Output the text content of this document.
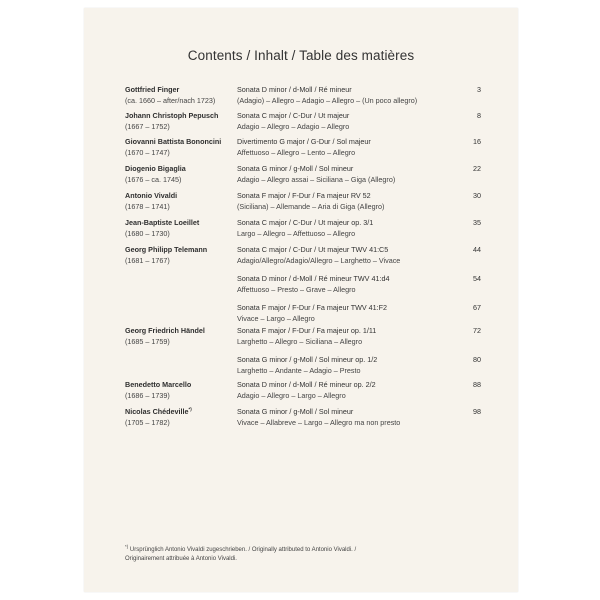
Contents / Inhalt / Table des matières
Gottfried Finger
(ca. 1660 – after/nach 1723)
Sonata D minor / d-Moll / Ré mineur
(Adagio) – Allegro – Adagio – Allegro – (Un poco allegro)
3
Johann Christoph Pepusch
(1667 – 1752)
Sonata C major / C-Dur / Ut majeur
Adagio – Allegro – Adagio – Allegro
8
Giovanni Battista Bononcini
(1670 – 1747)
Divertimento G major / G-Dur / Sol majeur
Affettuoso – Allegro – Lento – Allegro
16
Diogenio Bigaglia
(1676 – ca. 1745)
Sonata G minor / g-Moll / Sol mineur
Adagio – Allegro assai – Siciliana – Giga (Allegro)
22
Antonio Vivaldi
(1678 – 1741)
Sonata F major / F-Dur / Fa majeur RV 52
(Siciliana) – Allemande – Aria di Giga (Allegro)
30
Jean-Baptiste Loeillet
(1680 – 1730)
Sonata C major / C-Dur / Ut majeur op. 3/1
Largo – Allegro – Affettuoso – Allegro
35
Georg Philipp Telemann
(1681 – 1767)
Sonata C major / C-Dur / Ut majeur TWV 41:C5
Adagio/Allegro/Adagio/Allegro – Larghetto – Vivace
44
Sonata D minor / d-Moll / Ré mineur TWV 41:d4
Affettuoso – Presto – Grave – Allegro
54
Sonata F major / F-Dur / Fa majeur TWV 41:F2
Vivace – Largo – Allegro
67
Georg Friedrich Händel
(1685 – 1759)
Sonata F major / F-Dur / Fa majeur op. 1/11
Larghetto – Allegro – Siciliana – Allegro
72
Sonata G minor / g-Moll / Sol mineur op. 1/2
Larghetto – Andante – Adagio – Presto
80
Benedetto Marcello
(1686 – 1739)
Sonata D minor / d-Moll / Ré mineur op. 2/2
Adagio – Allegro – Largo – Allegro
88
Nicolas Chédeville*)
(1705 – 1782)
Sonata G minor / g-Moll / Sol mineur
Vivace – Allabreve – Largo – Allegro ma non presto
98
*) Ursprünglich Antonio Vivaldi zugeschrieben. / Originally attributed to Antonio Vivaldi. /
Originairement attribuée à Antonio Vivaldi.
